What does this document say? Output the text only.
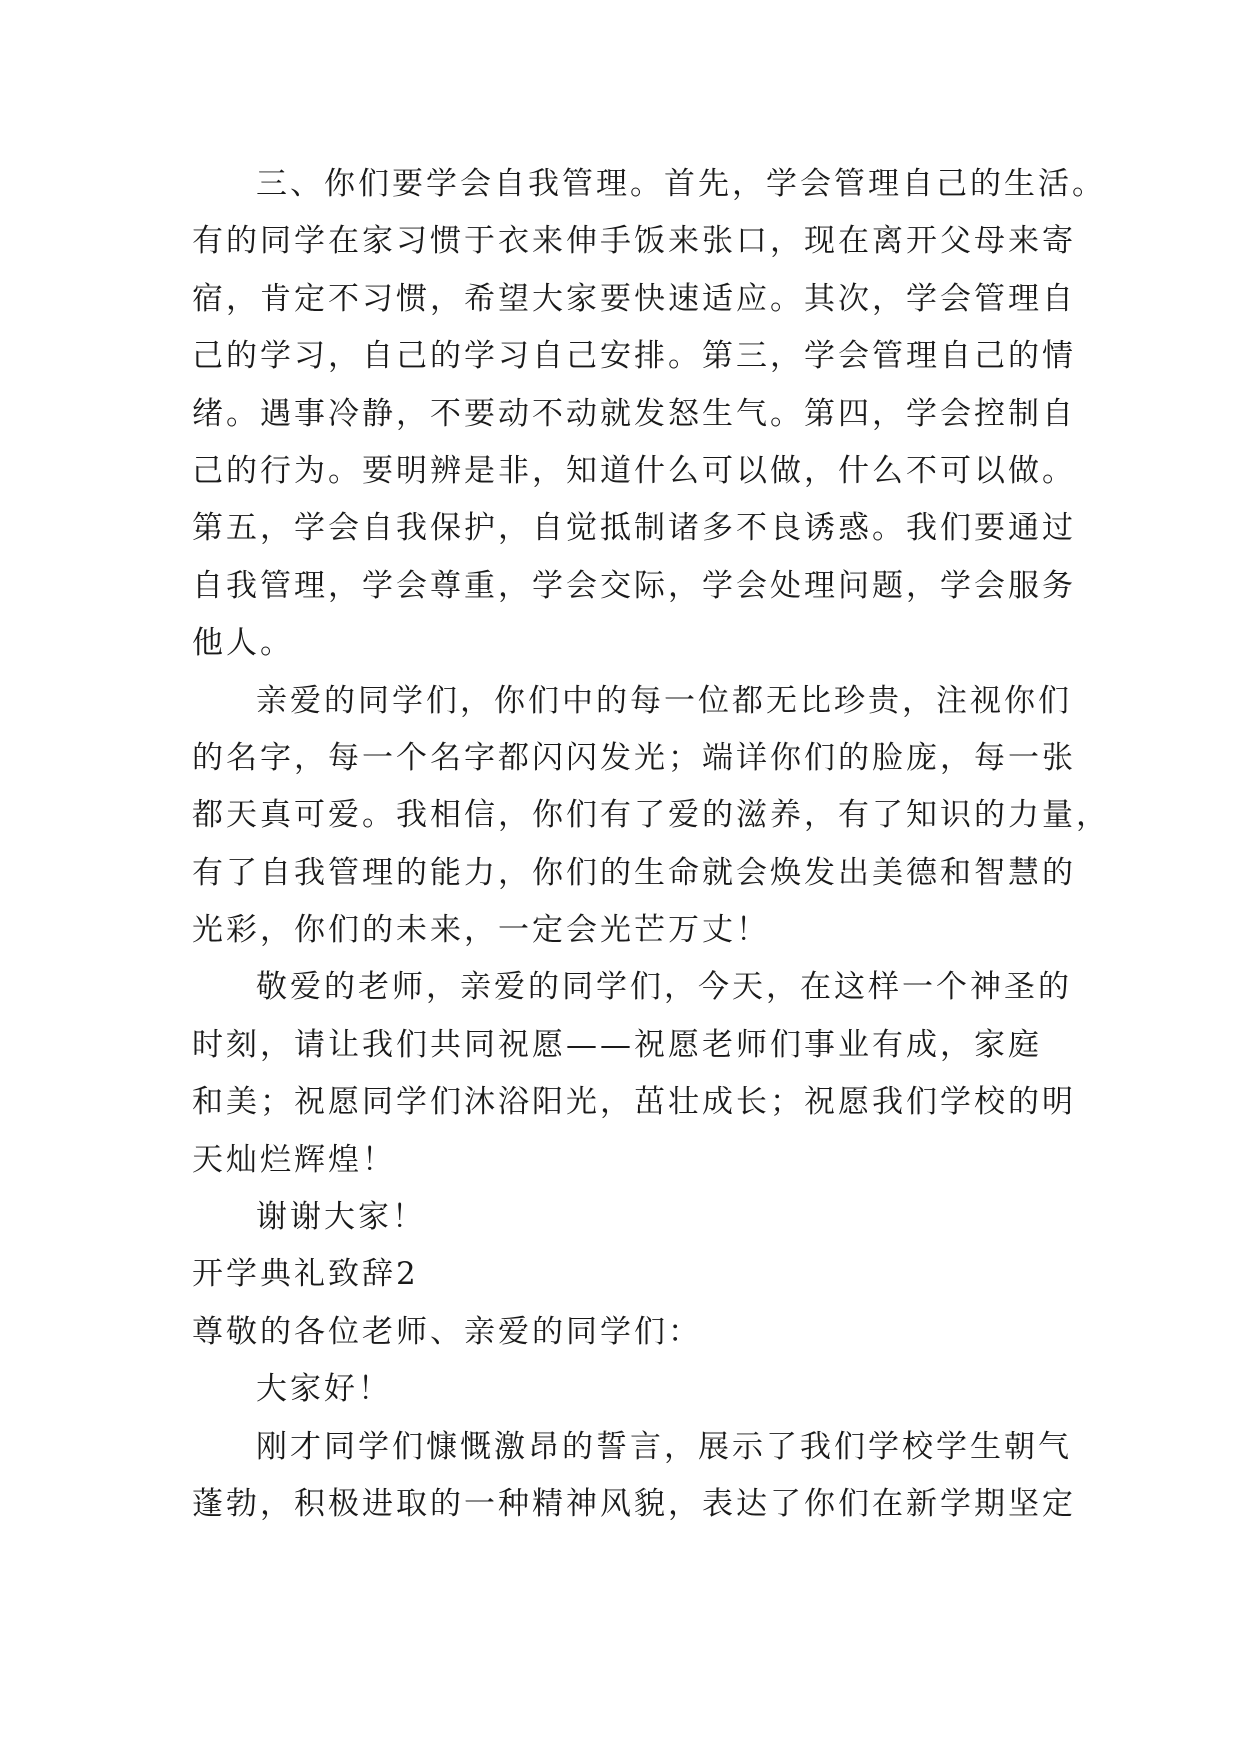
三、你们要学会自我管理。首先，学会管理自己的生活。
有的同学在家习惯于衣来伸手饭来张口，现在离开父母来寄
宿，肯定不习惯，希望大家要快速适应。其次，学会管理自
己的学习，自己的学习自己安排。第三，学会管理自己的情
绪。遇事冷静，不要动不动就发怒生气。第四，学会控制自
己的行为。要明辨是非，知道什么可以做，什么不可以做。
第五，学会自我保护，自觉抵制诸多不良诱惑。我们要通过
自我管理，学会尊重，学会交际，学会处理问题，学会服务
他人。
亲爱的同学们，你们中的每一位都无比珍贵，注视你们
的名字，每一个名字都闪闪发光；端详你们的脸庞，每一张
都天真可爱。我相信，你们有了爱的滋养，有了知识的力量，
有了自我管理的能力，你们的生命就会焕发出美德和智慧的
光彩，你们的未来，一定会光芒万丈！
敬爱的老师，亲爱的同学们，今天，在这样一个神圣的
时刻，请让我们共同祝愿——祝愿老师们事业有成，家庭
和美；祝愿同学们沐浴阳光，茁壮成长；祝愿我们学校的明
天灿烂辉煌！
谢谢大家！
开学典礼致辞2
尊敬的各位老师、亲爱的同学们：
大家好！
刚才同学们慷慨激昂的誓言，展示了我们学校学生朝气
蓬勃，积极进取的一种精神风貌，表达了你们在新学期坚定
